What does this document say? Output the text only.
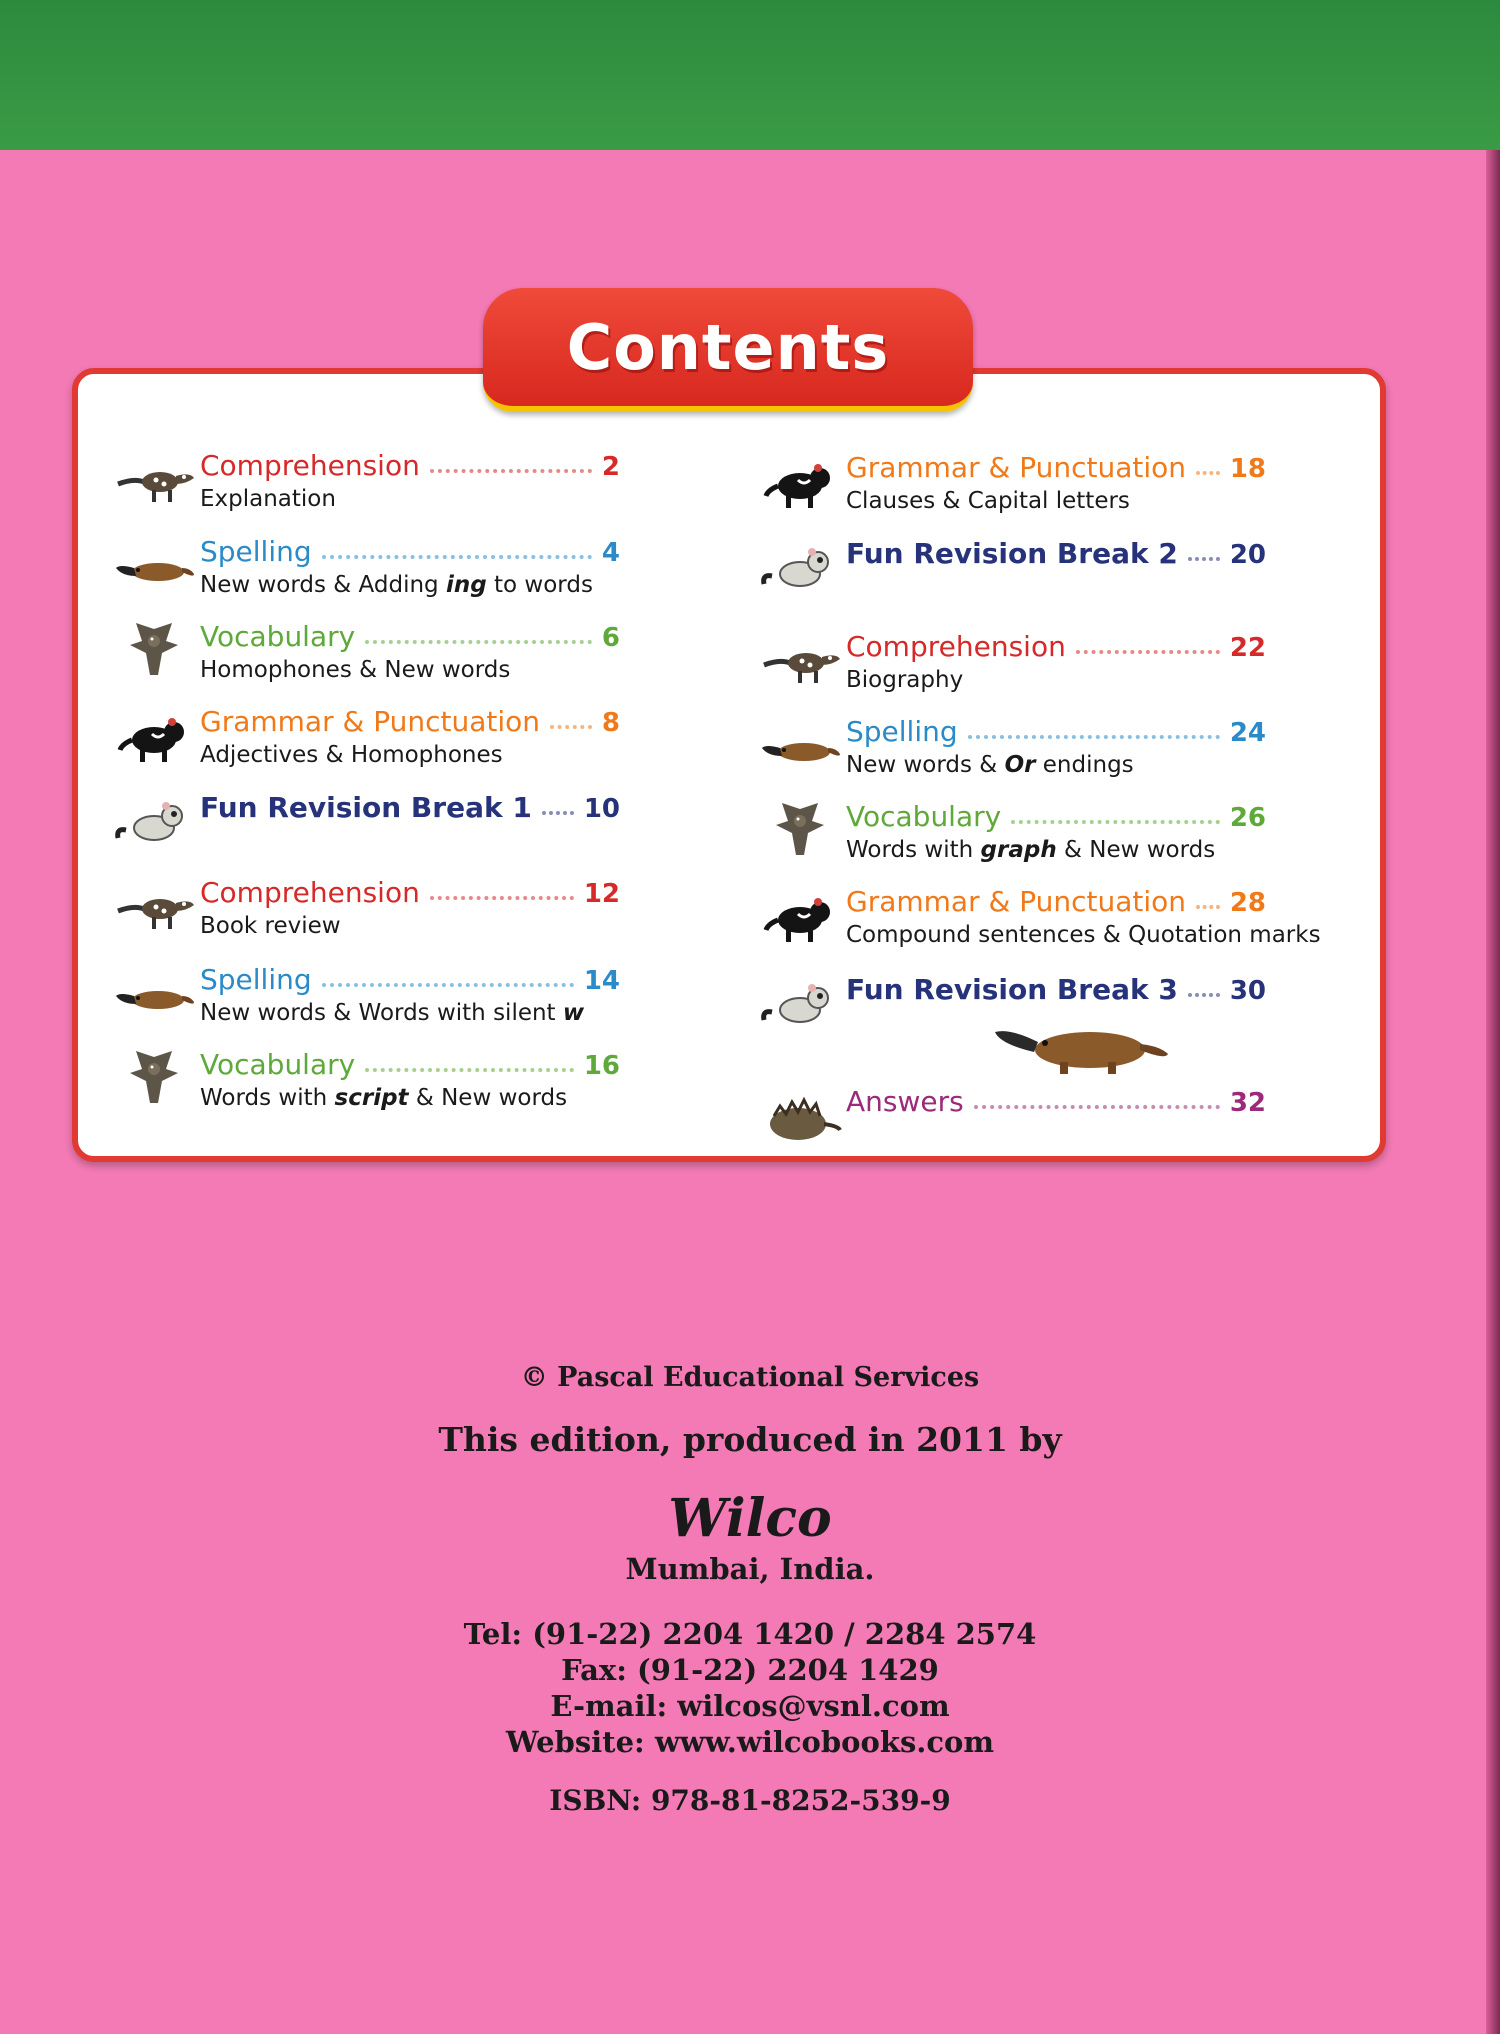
Contents
Comprehension	2
Explanation
Spelling	4
New words & Adding ing to words
Vocabulary	6
Homophones & New words
Grammar & Punctuation 8
Adjectives & Homophones
Fun Revision Break 1 10
Comprehension	12
Book review
Spelling	14
New words & Words with silent w
Vocabulary	16
Words with script & New words
Grammar & Punctuation 18
Clauses & Capital letters
Fun Revision Break 2 20
Comprehension	22
Biography
Spelling	24
New words & Or endings
Vocabulary	26
Words with graph & New words
Grammar & Punctuation 28
Compound sentences & Quotation marks
Fun Revision Break 3 30
Answers	32
© Pascal Educational Services
This edition, produced in 2011 by
Wilco
Mumbai, India.
Tel: (91-22) 2204 1420 / 2284 2574
Fax: (91-22) 2204 1429
E-mail: wilcos@vsnl.com
Website: www.wilcobooks.com
ISBN: 978-81-8252-539-9
